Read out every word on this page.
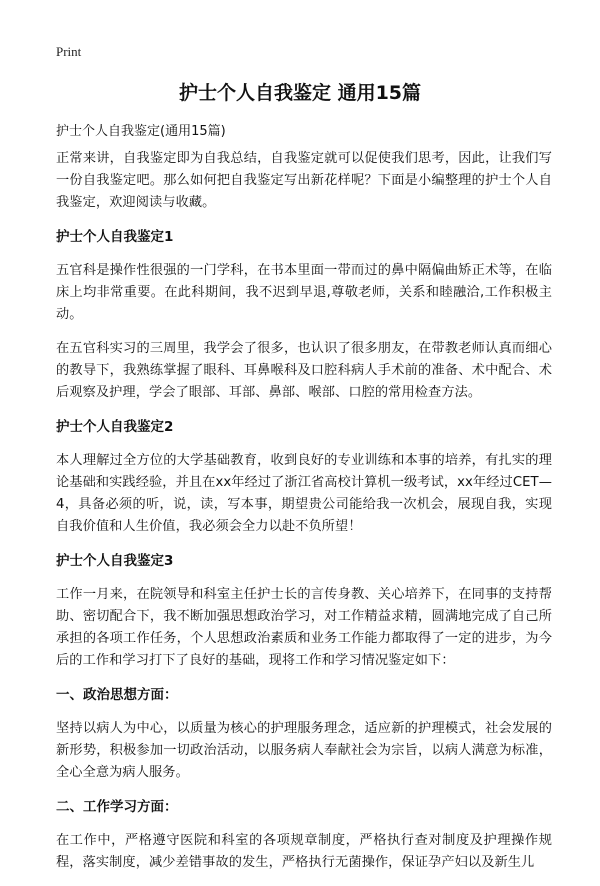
Print
护士个人自我鉴定 通用15篇

护士个人自我鉴定(通用15篇)

正常来讲，自我鉴定即为自我总结，自我鉴定就可以促使我们思考，因此，让我们写一份自我鉴定吧。那么如何把自我鉴定写出新花样呢？下面是小编整理的护士个人自我鉴定，欢迎阅读与收藏。

护士个人自我鉴定1

五官科是操作性很强的一门学科，在书本里面一带而过的鼻中隔偏曲矫正术等，在临床上均非常重要。在此科期间，我不迟到早退,尊敬老师，关系和睦融洽,工作积极主动。

在五官科实习的三周里，我学会了很多，也认识了很多朋友，在带教老师认真而细心的教导下，我熟练掌握了眼科、耳鼻喉科及口腔科病人手术前的准备、术中配合、术后观察及护理，学会了眼部、耳部、鼻部、喉部、口腔的常用检查方法。

护士个人自我鉴定2

本人理解过全方位的大学基础教育，收到良好的专业训练和本事的培养，有扎实的理论基础和实践经验，并且在xx年经过了浙江省高校计算机一级考试，xx年经过CET—4，具备必须的听，说，读，写本事，期望贵公司能给我一次机会，展现自我，实现自我价值和人生价值，我必须会全力以赴不负所望！

护士个人自我鉴定3

工作一月来，在院领导和科室主任护士长的言传身教、关心培养下，在同事的支持帮助、密切配合下，我不断加强思想政治学习，对工作精益求精，圆满地完成了自己所承担的各项工作任务，个人思想政治素质和业务工作能力都取得了一定的进步，为今后的工作和学习打下了良好的基础，现将工作和学习情况鉴定如下：

一、政治思想方面：

坚持以病人为中心，以质量为核心的护理服务理念，适应新的护理模式，社会发展的新形势，积极参加一切政治活动，以服务病人奉献社会为宗旨，以病人满意为标准，全心全意为病人服务。

二、工作学习方面：

在工作中，严格遵守医院和科室的各项规章制度，严格执行查对制度及护理操作规程，落实制度，减少差错事故的发生，严格执行无菌操作，保证孕产妇以及新生儿
